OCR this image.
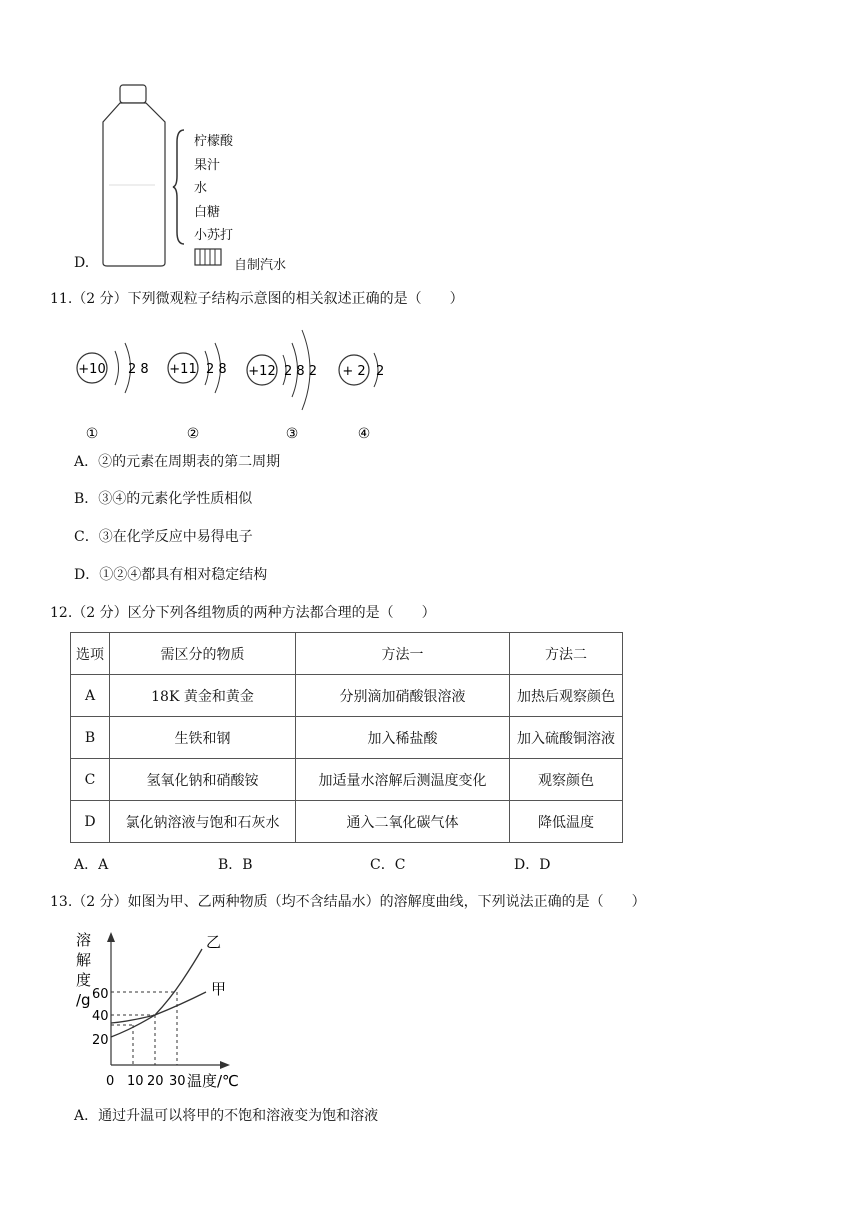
D.
柠檬酸
果汁
水
白糖
小苏打
自制汽水
11.（2 分）下列微观粒子结构示意图的相关叙述正确的是（　　）
+10 2 8
①
+11 2 8
②
+12 2 8 2
③
+ 2 2
④
A．②的元素在周期表的第二周期
B．③④的元素化学性质相似
C．③在化学反应中易得电子
D．①②④都具有相对稳定结构
12.（2 分）区分下列各组物质的两种方法都合理的是（　　）
选项	需区分的物质	方法一	方法二
A	18K 黄金和黄金	分别滴加硝酸银溶液	加热后观察颜色
B	生铁和钢	加入稀盐酸	加入硫酸铜溶液
C	氢氧化钠和硝酸铵	加适量水溶解后测温度变化	观察颜色
D	氯化钠溶液与饱和石灰水	通入二氧化碳气体	降低温度
A．A	B．B	C．C	D．D
13.（2 分）如图为甲、乙两种物质（均不含结晶水）的溶解度曲线，下列说法正确的是（　　）
溶
解
度
/g 60
40
20
0 10 20 30 温度/℃
乙
甲
A．通过升温可以将甲的不饱和溶液变为饱和溶液
